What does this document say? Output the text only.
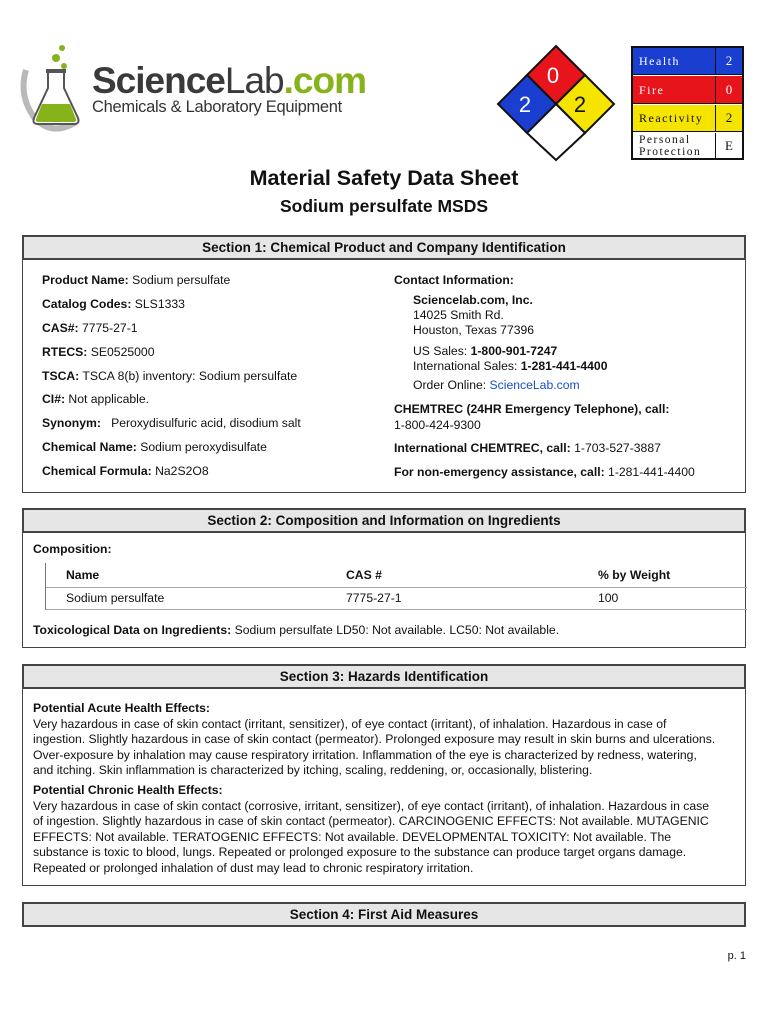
ScienceLab.com
Chemicals & Laboratory Equipment
0
2 2
Health	2
Fire	0
Reactivity	2
Personal Protection	E
Material Safety Data Sheet
Sodium persulfate MSDS
Section 1: Chemical Product and Company Identification
Product Name: Sodium persulfate
Catalog Codes: SLS1333
CAS#: 7775-27-1
RTECS: SE0525000
TSCA: TSCA 8(b) inventory: Sodium persulfate
CI#: Not applicable.
Synonym:   Peroxydisulfuric acid, disodium salt
Chemical Name: Sodium peroxydisulfate
Chemical Formula: Na2S2O8
Contact Information:
Sciencelab.com, Inc.
14025 Smith Rd.
Houston, Texas 77396
US Sales: 1-800-901-7247
International Sales: 1-281-441-4400
Order Online: ScienceLab.com
CHEMTREC (24HR Emergency Telephone), call:
1-800-424-9300
International CHEMTREC, call: 1-703-527-3887
For non-emergency assistance, call: 1-281-441-4400
Section 2: Composition and Information on Ingredients
Composition:
Name	CAS #	% by Weight
Sodium persulfate	7775-27-1	100
Toxicological Data on Ingredients: Sodium persulfate LD50: Not available. LC50: Not available.
Section 3: Hazards Identification
Potential Acute Health Effects:
Very hazardous in case of skin contact (irritant, sensitizer), of eye contact (irritant), of inhalation. Hazardous in case of
ingestion. Slightly hazardous in case of skin contact (permeator). Prolonged exposure may result in skin burns and ulcerations.
Over-exposure by inhalation may cause respiratory irritation. Inflammation of the eye is characterized by redness, watering,
and itching. Skin inflammation is characterized by itching, scaling, reddening, or, occasionally, blistering.
Potential Chronic Health Effects:
Very hazardous in case of skin contact (corrosive, irritant, sensitizer), of eye contact (irritant), of inhalation. Hazardous in case
of ingestion. Slightly hazardous in case of skin contact (permeator). CARCINOGENIC EFFECTS: Not available. MUTAGENIC
EFFECTS: Not available. TERATOGENIC EFFECTS: Not available. DEVELOPMENTAL TOXICITY: Not available. The
substance is toxic to blood, lungs. Repeated or prolonged exposure to the substance can produce target organs damage.
Repeated or prolonged inhalation of dust may lead to chronic respiratory irritation.
Section 4: First Aid Measures
p. 1
